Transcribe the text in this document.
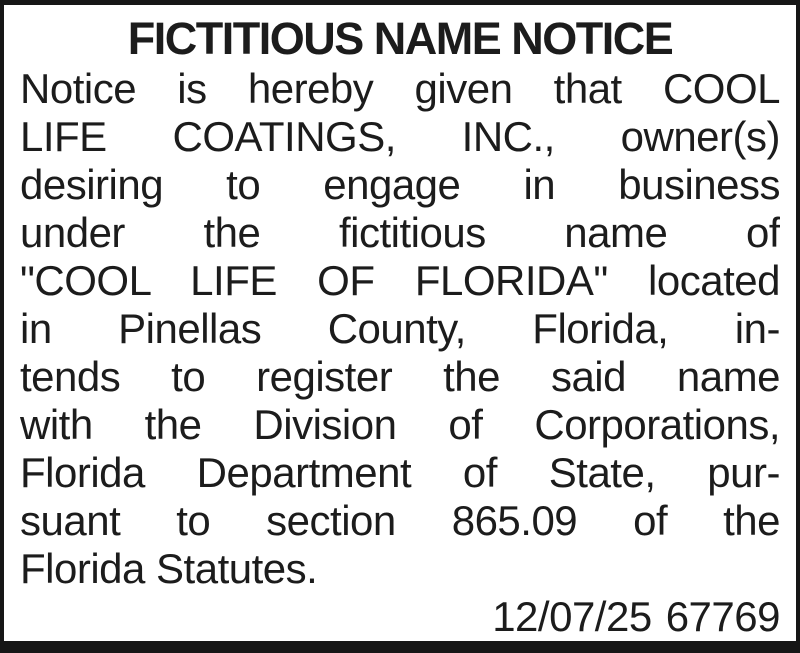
FICTITIOUS NAME NOTICE
Notice is hereby given that COOL
LIFE COATINGS, INC., owner(s)
desiring to engage in business
under the fictitious name of
"COOL LIFE OF FLORIDA" located
in Pinellas County, Florida, in-
tends to register the said name
with the Division of Corporations,
Florida Department of State, pur-
suant to section 865.09 of the
Florida Statutes.
12/07/25 67769
